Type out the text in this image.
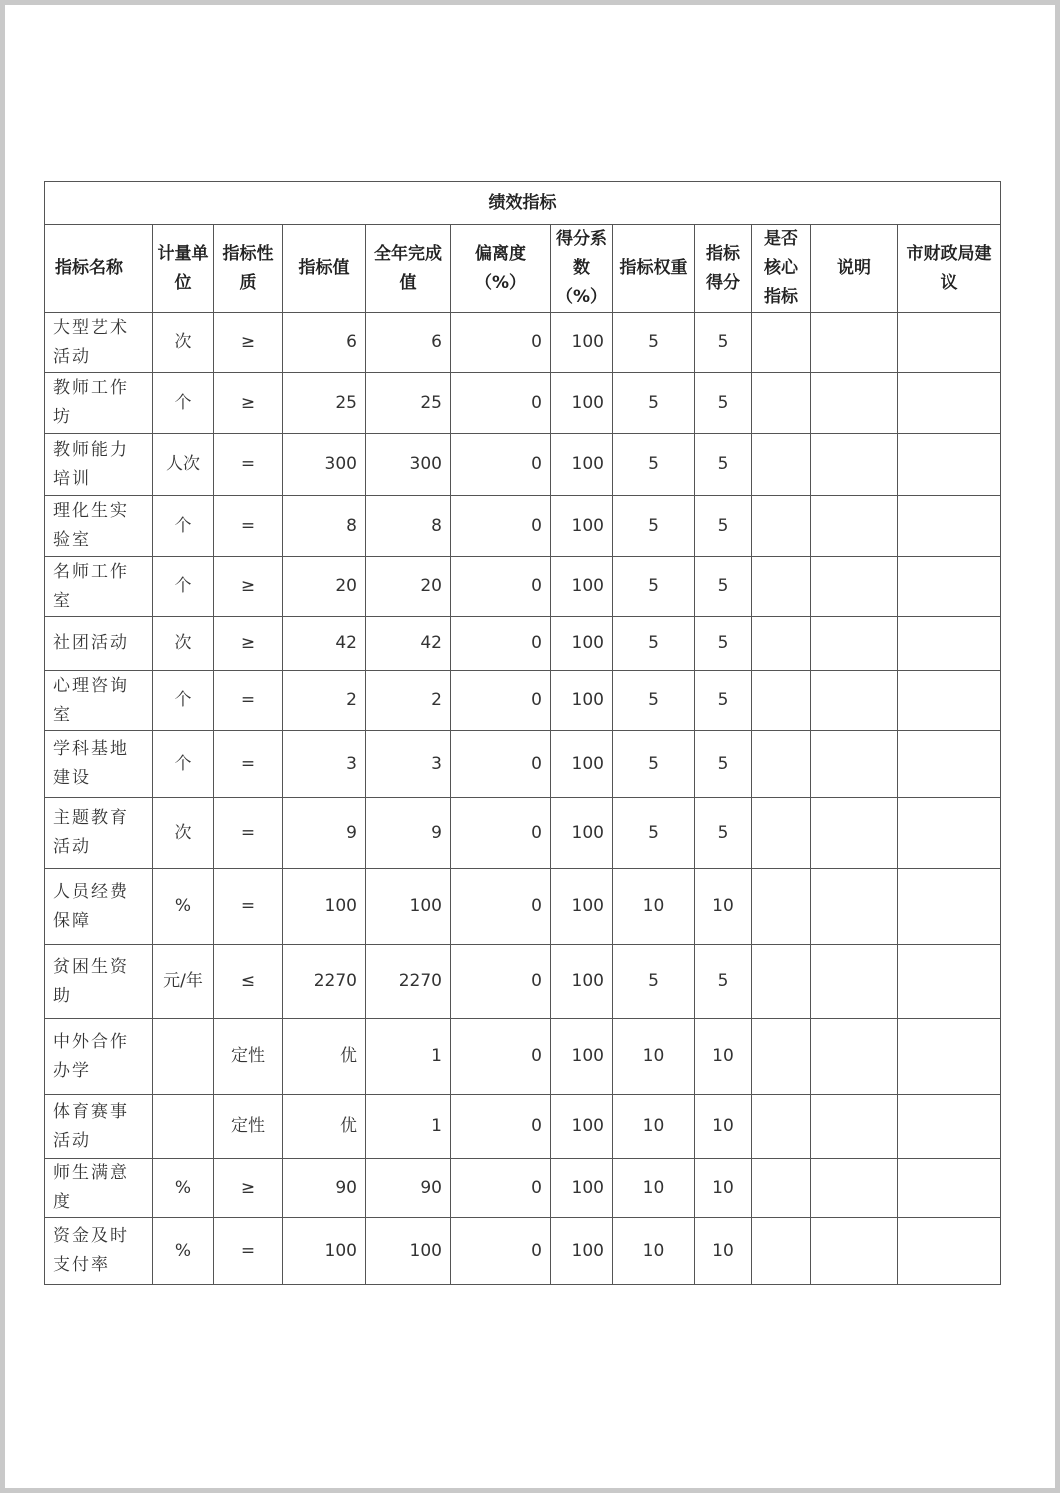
绩效指标											
指标名称	计量单位	指标性质	指标值	全年完成值	偏离度（%）	得分系数（%）	指标权重	指标得分	是否核心指标	说明	市财政局建议
大型艺术活动	次	≥	6	6	0	100	5	5			
教师工作坊	个	≥	25	25	0	100	5	5			
教师能力培训	人次	=	300	300	0	100	5	5			
理化生实验室	个	=	8	8	0	100	5	5			
名师工作室	个	≥	20	20	0	100	5	5			
社团活动	次	≥	42	42	0	100	5	5			
心理咨询室	个	=	2	2	0	100	5	5			
学科基地建设	个	=	3	3	0	100	5	5			
主题教育活动	次	=	9	9	0	100	5	5			
人员经费保障	%	=	100	100	0	100	10	10			
贫困生资助	元/年	≤	2270	2270	0	100	5	5			
中外合作办学		定性	优	1	0	100	10	10			
体育赛事活动		定性	优	1	0	100	10	10			
师生满意度	%	≥	90	90	0	100	10	10			
资金及时支付率	%	=	100	100	0	100	10	10			
